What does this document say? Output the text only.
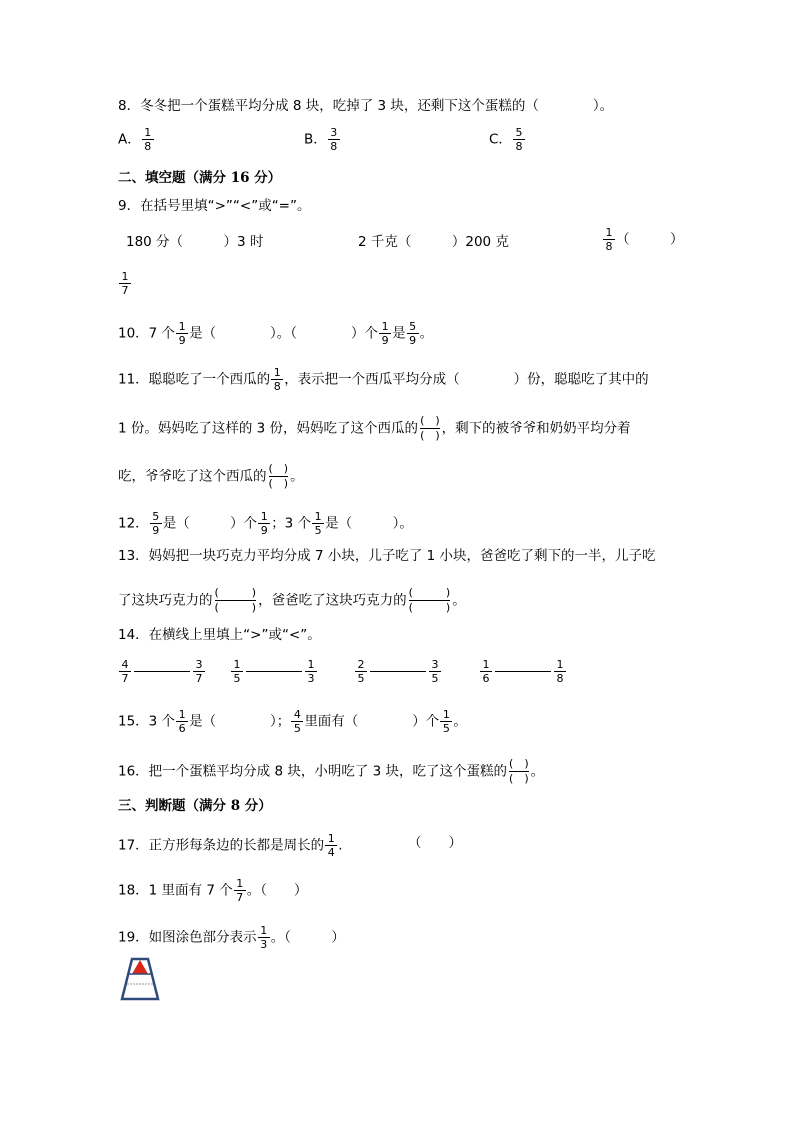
8．冬冬把一个蛋糕平均分成 8 块，吃掉了 3 块，还剩下这个蛋糕的（　　　　）。
A． $\frac{1}{8}$	B． $\frac{3}{8}$	C． $\frac{5}{8}$
二、填空题（满分 16 分）
9．在括号里填“>”“<”或“=”。
180 分（　　　）3 时	2 千克（　　　）200 克	$\frac{1}{8}$ （　　　）
$\frac{1}{7}$
10．7 个 $\frac{1}{9}$ 是（　　　　）。（　　　　）个 $\frac{1}{9}$ 是 $\frac{5}{9}$ 。
11．聪聪吃了一个西瓜的 $\frac{1}{8}$ ，表示把一个西瓜平均分成（　　　　）份，聪聪吃了其中的
1 份。妈妈吃了这样的 3 份，妈妈吃了这个西瓜的 (　)
(　) ，剩下的被爷爷和奶奶平均分着
吃，爷爷吃了这个西瓜的 (　)
(　) 。
12． $\frac{5}{9}$ 是（　　　）个 $\frac{1}{9}$ ；3 个 $\frac{1}{5}$ 是（　　　）。
13．妈妈把一块巧克力平均分成 7 小块，儿子吃了 1 小块，爸爸吃了剩下的一半，儿子吃
了这块巧克力的 (　　　)
(　　　) ，爸爸吃了这块巧克力的 (　　　)
(　　　) 。
14．在横线上里填上“>”或“<”。
$\frac{4}{7}$	$\frac{3}{7} \frac{1}{5}$	$\frac{1}{3}$	$\frac{2}{5}$	$\frac{3}{5}$	$\frac{1}{6}$	$\frac{1}{8}$
15．3 个 $\frac{1}{6}$ 是（　　　　）； $\frac{4}{5}$ 里面有（　　　　）个 $\frac{1}{5}$ 。
16．把一个蛋糕平均分成 8 块，小明吃了 3 块，吃了这个蛋糕的 (　)
(　) 。
三、判断题（满分 8 分）
17．正方形每条边的长都是周长的 $\frac{1}{4}$ .	（　　）
18．1 里面有 7 个 $\frac{1}{7}$ 。（　　）
19．如图涂色部分表示 $\frac{1}{3}$ 。（　　　）
